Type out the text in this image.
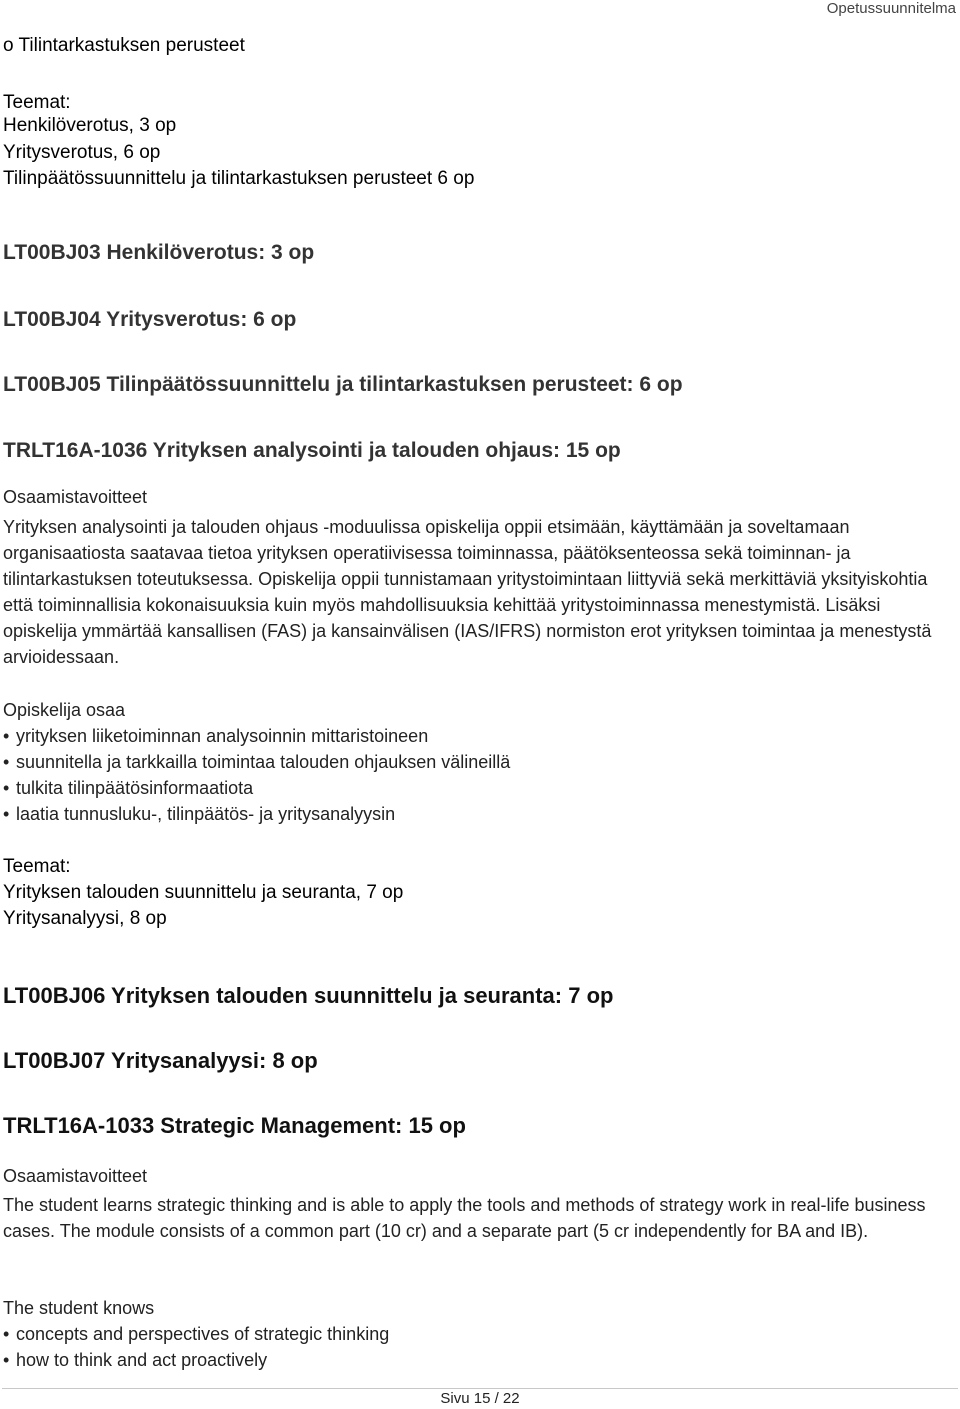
Opetussuunnitelma
o Tilintarkastuksen perusteet
Teemat:
Henkilöverotus, 3 op
Yritysverotus, 6 op
Tilinpäätössuunnittelu ja tilintarkastuksen perusteet 6 op
LT00BJ03 Henkilöverotus: 3 op
LT00BJ04 Yritysverotus: 6 op
LT00BJ05 Tilinpäätössuunnittelu ja tilintarkastuksen perusteet: 6 op
TRLT16A-1036 Yrityksen analysointi ja talouden ohjaus: 15 op
Osaamistavoitteet

Yrityksen analysointi ja talouden ohjaus -moduulissa opiskelija oppii etsimään, käyttämään ja soveltamaan organisaatiosta saatavaa tietoa yrityksen operatiivisessa toiminnassa, päätöksenteossa sekä toiminnan- ja tilintarkastuksen toteutuksessa. Opiskelija oppii tunnistamaan yritystoimintaan liittyviä sekä merkittäviä yksityiskohtia että toiminnallisia kokonaisuuksia kuin myös mahdollisuuksia kehittää yritystoiminnassa menestymistä. Lisäksi opiskelija ymmärtää kansallisen (FAS) ja kansainvälisen (IAS/IFRS) normiston erot yrityksen toimintaa ja menestystä arvioidessaan.

Opiskelija osaa
• yrityksen liiketoiminnan analysoinnin mittaristoineen
• suunnitella ja tarkkailla toimintaa talouden ohjauksen välineillä
• tulkita tilinpäätösinformaatiota
• laatia tunnusluku-, tilinpäätös- ja yritysanalyysin
Teemat:
Yrityksen talouden suunnittelu ja seuranta, 7 op
Yritysanalyysi, 8 op
LT00BJ06 Yrityksen talouden suunnittelu ja seuranta: 7 op
LT00BJ07 Yritysanalyysi: 8 op
TRLT16A-1033 Strategic Management: 15 op
Osaamistavoitteet

The student learns strategic thinking and is able to apply the tools and methods of strategy work in real-life business cases. The module consists of a common part (10 cr) and a separate part (5 cr independently for BA and IB).

The student knows
• concepts and perspectives of strategic thinking
• how to think and act proactively
Sivu 15 / 22
